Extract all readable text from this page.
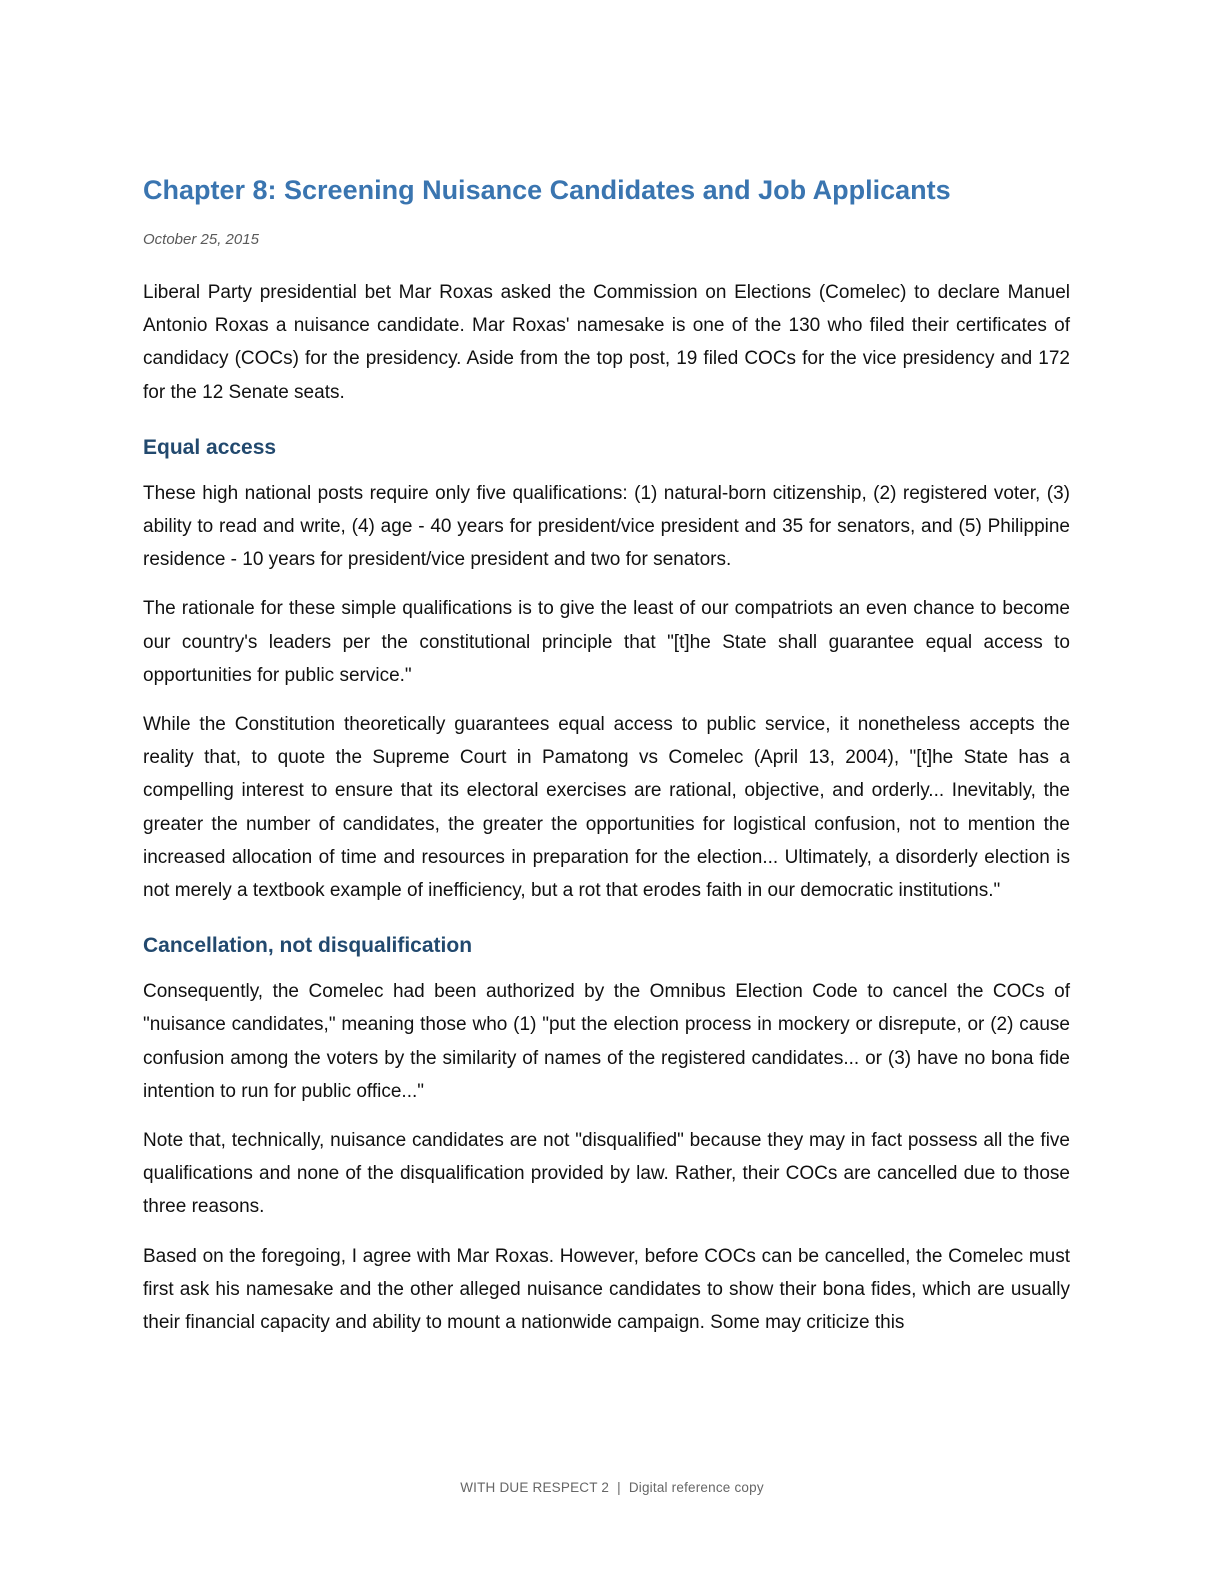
Chapter 8: Screening Nuisance Candidates and Job Applicants
October 25, 2015

Liberal Party presidential bet Mar Roxas asked the Commission on Elections (Comelec) to declare Manuel Antonio Roxas a nuisance candidate. Mar Roxas' namesake is one of the 130 who filed their certificates of candidacy (COCs) for the presidency. Aside from the top post, 19 filed COCs for the vice presidency and 172 for the 12 Senate seats.

Equal access

These high national posts require only five qualifications: (1) natural-born citizenship, (2) registered voter, (3) ability to read and write, (4) age - 40 years for president/vice president and 35 for senators, and (5) Philippine residence - 10 years for president/vice president and two for senators.

The rationale for these simple qualifications is to give the least of our compatriots an even chance to become our country's leaders per the constitutional principle that "[t]he State shall guarantee equal access to opportunities for public service."

While the Constitution theoretically guarantees equal access to public service, it nonetheless accepts the reality that, to quote the Supreme Court in Pamatong vs Comelec (April 13, 2004), "[t]he State has a compelling interest to ensure that its electoral exercises are rational, objective, and orderly... Inevitably, the greater the number of candidates, the greater the opportunities for logistical confusion, not to mention the increased allocation of time and resources in preparation for the election... Ultimately, a disorderly election is not merely a textbook example of inefficiency, but a rot that erodes faith in our democratic institutions."

Cancellation, not disqualification

Consequently, the Comelec had been authorized by the Omnibus Election Code to cancel the COCs of "nuisance candidates," meaning those who (1) "put the election process in mockery or disrepute, or (2) cause confusion among the voters by the similarity of names of the registered candidates... or (3) have no bona fide intention to run for public office..."

Note that, technically, nuisance candidates are not "disqualified" because they may in fact possess all the five qualifications and none of the disqualification provided by law. Rather, their COCs are cancelled due to those three reasons.

Based on the foregoing, I agree with Mar Roxas. However, before COCs can be cancelled, the Comelec must first ask his namesake and the other alleged nuisance candidates to show their bona fides, which are usually their financial capacity and ability to mount a nationwide campaign. Some may criticize this

WITH DUE RESPECT 2 | Digital reference copy
